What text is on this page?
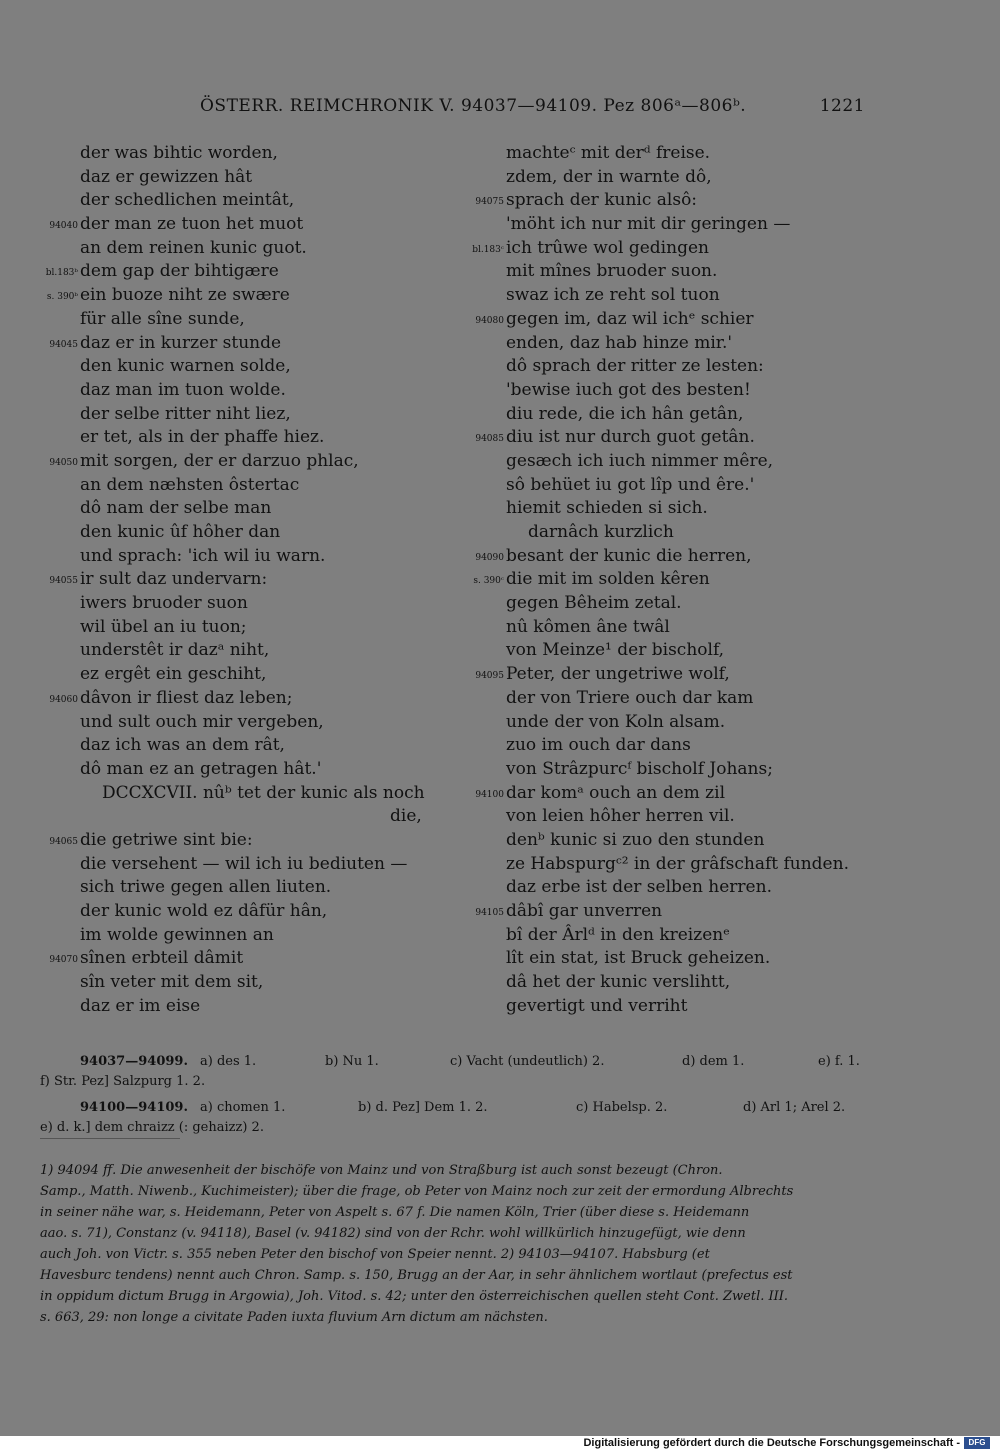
ÖSTERR. REIMCHRONIK V. 94037—94109. Pez 806ᵃ—806ᵇ.	1221
der was bihtic worden,
daz er gewizzen hât
der schedlichen meintât,
94040 der man ze tuon het muot
an dem reinen kunic guot.
bl.183ᵇ dem gap der bihtigære
s. 390ᵇ ein buoze niht ze swære
für alle sîne sunde,
94045 daz er in kurzer stunde
den kunic warnen solde,
daz man im tuon wolde.
der selbe ritter niht liez,
er tet, als in der phaffe hiez.
94050 mit sorgen, der er darzuo phlac,
an dem næhsten ôstertac
dô nam der selbe man
den kunic ûf hôher dan
und sprach: 'ich wil iu warn.
94055 ir sult daz undervarn:
iwers bruoder suon
wil übel an iu tuon;
understêt ir dazᵃ niht,
ez ergêt ein geschiht,
94060 dâvon ir fliest daz leben;
und sult ouch mir vergeben,
daz ich was an dem rât,
dô man ez an getragen hât.'
DCCXCVII. nûᵇ tet der kunic als noch
die,
94065 die getriwe sint bie:
die versehent — wil ich iu bediuten —
sich triwe gegen allen liuten.
der kunic wold ez dâfür hân,
im wolde gewinnen an
94070 sînen erbteil dâmit
sîn veter mit dem sit,
daz er im eise
machteᶜ mit derᵈ freise.
zdem, der in warnte dô,
94075 sprach der kunic alsô:
'möht ich nur mit dir geringen —
bl.183ᶜ ich trûwe wol gedingen
mit mînes bruoder suon.
swaz ich ze reht sol tuon
94080 gegen im, daz wil ichᵉ schier
enden, daz hab hinze mir.'
dô sprach der ritter ze lesten:
'bewise iuch got des besten!
diu rede, die ich hân getân,
94085 diu ist nur durch guot getân.
gesæch ich iuch nimmer mêre,
sô behüet iu got lîp und êre.'
hiemit schieden si sich.
darnâch kurzlich
94090 besant der kunic die herren,
s. 390ᶜ die mit im solden kêren
gegen Bêheim zetal.
nû kômen âne twâl
von Meinze¹ der bischolf,
94095 Peter, der ungetriwe wolf,
der von Triere ouch dar kam
unde der von Koln alsam.
zuo im ouch dar dans
von Strâzpurcᶠ bischolf Johans;
94100 dar komᵃ ouch an dem zil
von leien hôher herren vil.
denᵇ kunic si zuo den stunden
ze Habspurgᶜ² in der grâfschaft funden.
daz erbe ist der selben herren.
94105 dâbî gar unverren
bî der Ârlᵈ in den kreizenᵉ
lît ein stat, ist Bruck geheizen.
dâ het der kunic verslihtt,
gevertigt und verriht
94037—94099. a) des 1.	b) Nu 1.	c) Vacht (undeutlich) 2.	d) dem 1.	e) f. 1.
f) Str. Pez] Salzpurg 1. 2.
94100—94109. a) chomen 1.	b) d. Pez] Dem 1. 2.	c) Habelsp. 2.	d) Arl 1; Arel 2.
e) d. k.] dem chraizz (: gehaizz) 2.
1) 94094 ff. Die anwesenheit der bischöfe von Mainz und von Straßburg ist auch sonst bezeugt (Chron.
Samp., Matth. Niwenb., Kuchimeister); über die frage, ob Peter von Mainz noch zur zeit der ermordung Albrechts
in seiner nähe war, s. Heidemann, Peter von Aspelt s. 67 f. Die namen Köln, Trier (über diese s. Heidemann
aao. s. 71), Constanz (v. 94118), Basel (v. 94182) sind von der Rchr. wohl willkürlich hinzugefügt, wie denn
auch Joh. von Victr. s. 355 neben Peter den bischof von Speier nennt. 2) 94103—94107. Habsburg (et
Havesburc tendens) nennt auch Chron. Samp. s. 150, Brugg an der Aar, in sehr ähnlichem wortlaut (prefectus est
in oppidum dictum Brugg in Argowia), Joh. Vitod. s. 42; unter den österreichischen quellen steht Cont. Zwetl. III.
s. 663, 29: non longe a civitate Paden iuxta fluvium Arn dictum am nächsten.
Digitalisierung gefördert durch die Deutsche Forschungsgemeinschaft -	DFG
